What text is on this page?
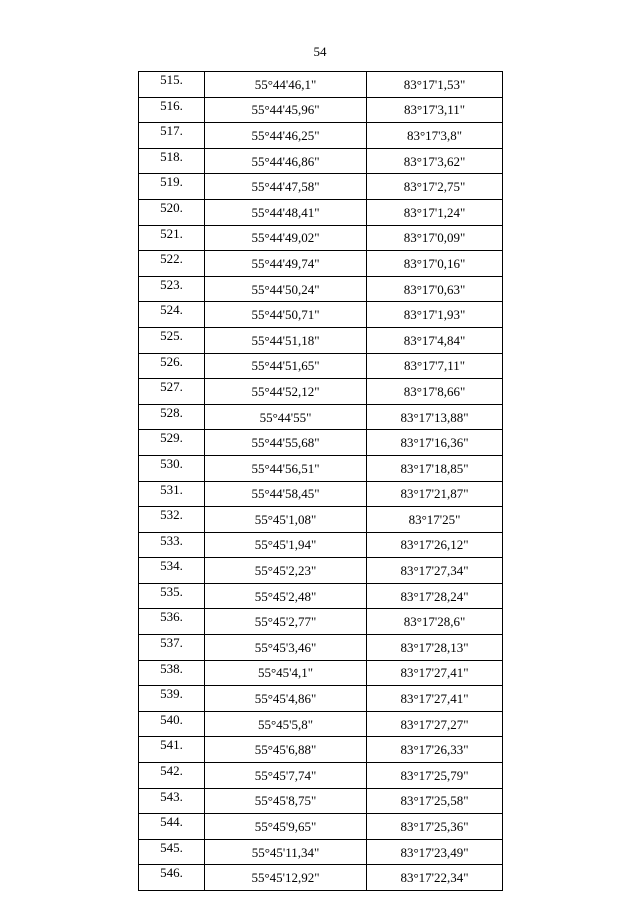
54
515.	55°44'46,1"	83°17'1,53"
516.	55°44'45,96"	83°17'3,11"
517.	55°44'46,25"	83°17'3,8"
518.	55°44'46,86"	83°17'3,62"
519.	55°44'47,58"	83°17'2,75"
520.	55°44'48,41"	83°17'1,24"
521.	55°44'49,02"	83°17'0,09"
522.	55°44'49,74"	83°17'0,16"
523.	55°44'50,24"	83°17'0,63"
524.	55°44'50,71"	83°17'1,93"
525.	55°44'51,18"	83°17'4,84"
526.	55°44'51,65"	83°17'7,11"
527.	55°44'52,12"	83°17'8,66"
528.	55°44'55"	83°17'13,88"
529.	55°44'55,68"	83°17'16,36"
530.	55°44'56,51"	83°17'18,85"
531.	55°44'58,45"	83°17'21,87"
532.	55°45'1,08"	83°17'25"
533.	55°45'1,94"	83°17'26,12"
534.	55°45'2,23"	83°17'27,34"
535.	55°45'2,48"	83°17'28,24"
536.	55°45'2,77"	83°17'28,6"
537.	55°45'3,46"	83°17'28,13"
538.	55°45'4,1"	83°17'27,41"
539.	55°45'4,86"	83°17'27,41"
540.	55°45'5,8"	83°17'27,27"
541.	55°45'6,88"	83°17'26,33"
542.	55°45'7,74"	83°17'25,79"
543.	55°45'8,75"	83°17'25,58"
544.	55°45'9,65"	83°17'25,36"
545.	55°45'11,34"	83°17'23,49"
546.	55°45'12,92"	83°17'22,34"
